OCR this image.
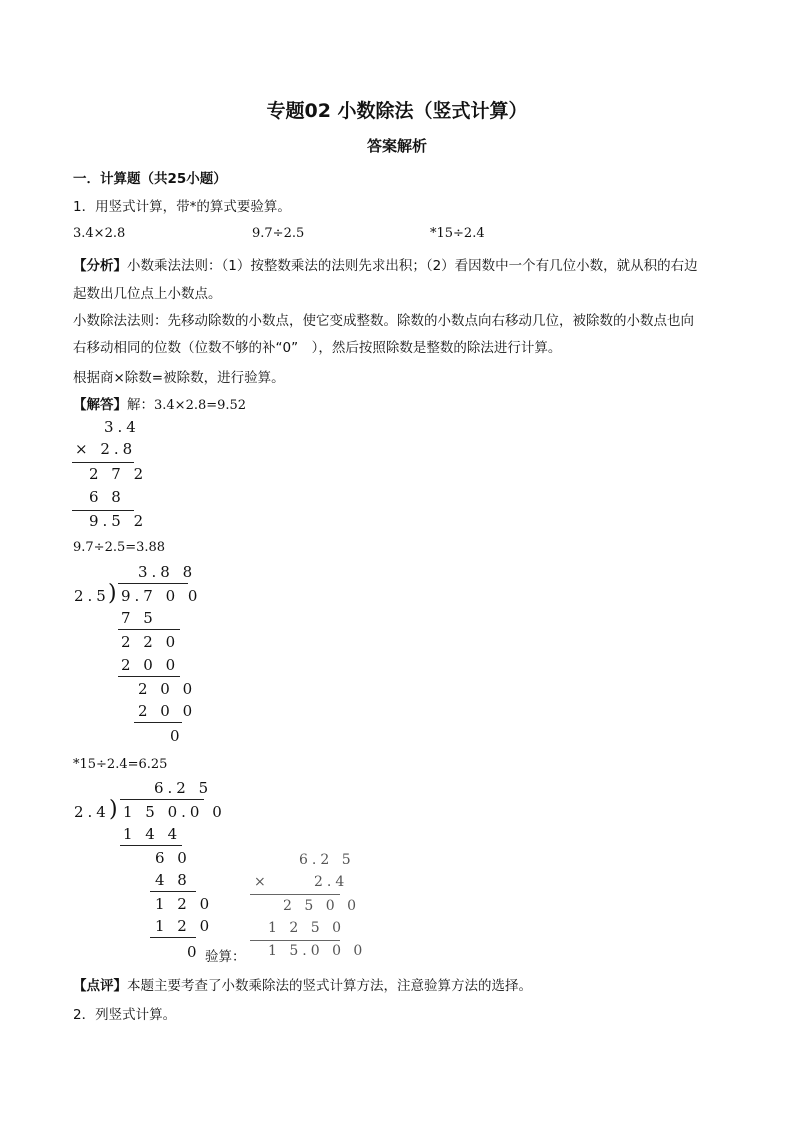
专题02 小数除法（竖式计算）
答案解析
一．计算题（共25小题）
1．用竖式计算，带*的算式要验算。
3.4×2.8	9.7÷2.5	*15÷2.4
【分析】小数乘法法则：（1）按整数乘法的法则先求出积；（2）看因数中一个有几位小数，就从积的右边
起数出几位点上小数点。
小数除法法则：先移动除数的小数点，使它变成整数。除数的小数点向右移动几位，被除数的小数点也向
右移动相同的位数（位数不够的补“0”　），然后按照除数是整数的除法进行计算。
根据商×除数=被除数，进行验算。
【解答】解：3.4×2.8=9.52
3.4
× 2.8
2 7 2
6 8
9.5 2
9.7÷2.5=3.88
3.8 8
)
2.5 9.7 0 0
7 5
2 2 0
2 0 0
2 0 0
2 0 0
0
*15÷2.4=6.25
6.2 5
)
2.4 1 5 0.0 0
1 4 4
6 0
4 8
1 2 0
1 2 0
0
6.2 5
×	2.4
2 5 0 0
1 2 5 0
验算： 1 5.0 0 0
【点评】本题主要考查了小数乘除法的竖式计算方法，注意验算方法的选择。
2．列竖式计算。
